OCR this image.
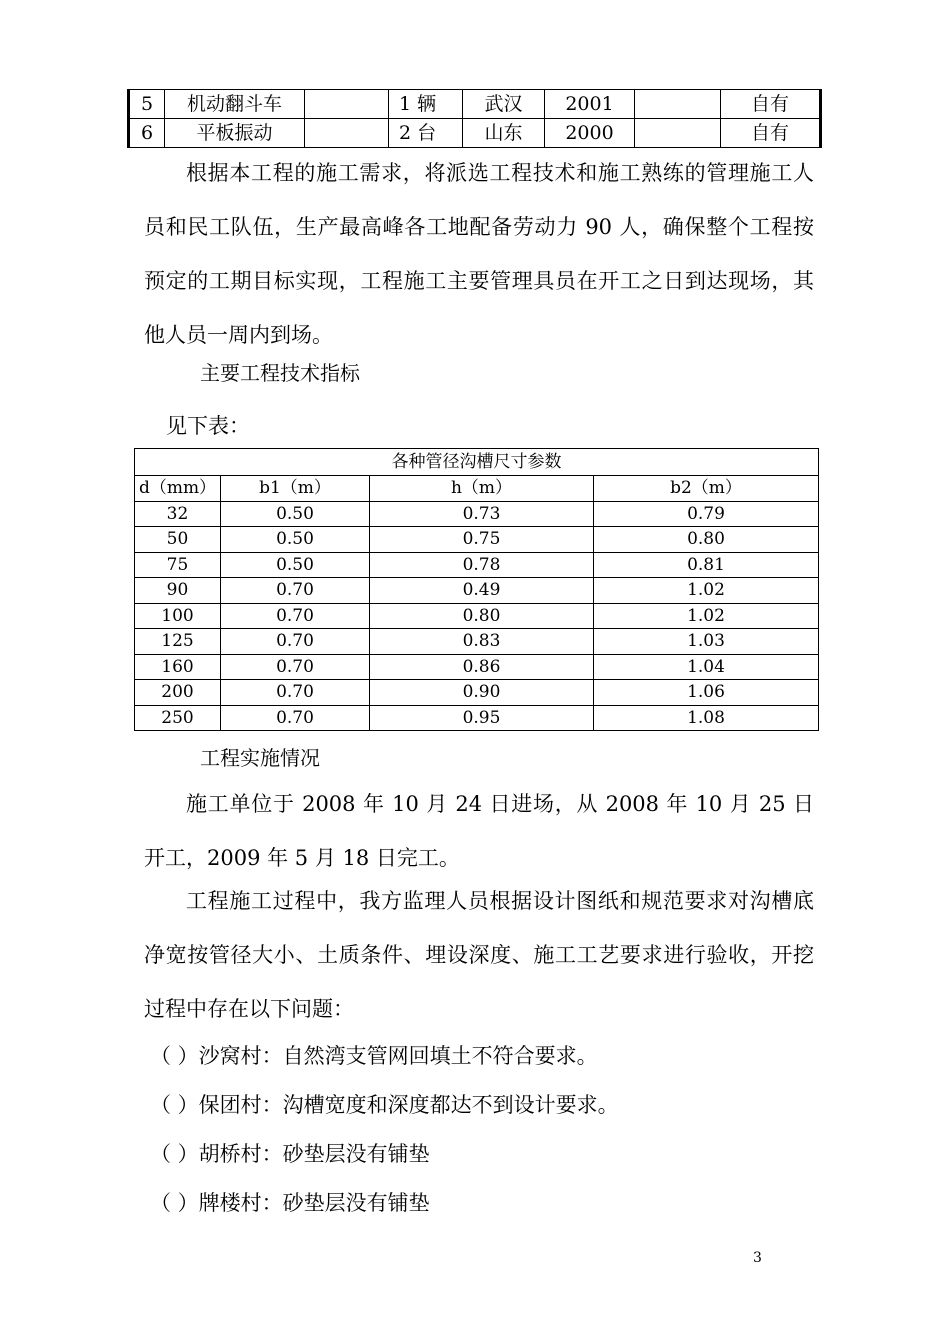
5	机动翻斗车		1 辆	武汉	2001		自有
6	平板振动		2 台	山东	2000		自有

根据本工程的施工需求，将派选工程技术和施工熟练的管理施工人员和民工队伍，生产最高峰各工地配备劳动力 90 人，确保整个工程按预定的工期目标实现，工程施工主要管理具员在开工之日到达现场，其他人员一周内到场。

主要工程技术指标

见下表：

各种管径沟槽尺寸参数			
d（mm）	b1（m）	h（m）	b2（m）
32	0.50	0.73	0.79
50	0.50	0.75	0.80
75	0.50	0.78	0.81
90	0.70	0.49	1.02
100	0.70	0.80	1.02
125	0.70	0.83	1.03
160	0.70	0.86	1.04
200	0.70	0.90	1.06
250	0.70	0.95	1.08

工程实施情况

施工单位于 2008 年 10 月 24 日进场，从 2008 年 10 月 25 日开工，2009 年 5 月 18 日完工。

工程施工过程中，我方监理人员根据设计图纸和规范要求对沟槽底净宽按管径大小、土质条件、埋设深度、施工工艺要求进行验收，开挖过程中存在以下问题：

（ ）沙窝村：自然湾支管网回填土不符合要求。

（ ）保团村：沟槽宽度和深度都达不到设计要求。

（ ）胡桥村：砂垫层没有铺垫

（ ）牌楼村：砂垫层没有铺垫

3
